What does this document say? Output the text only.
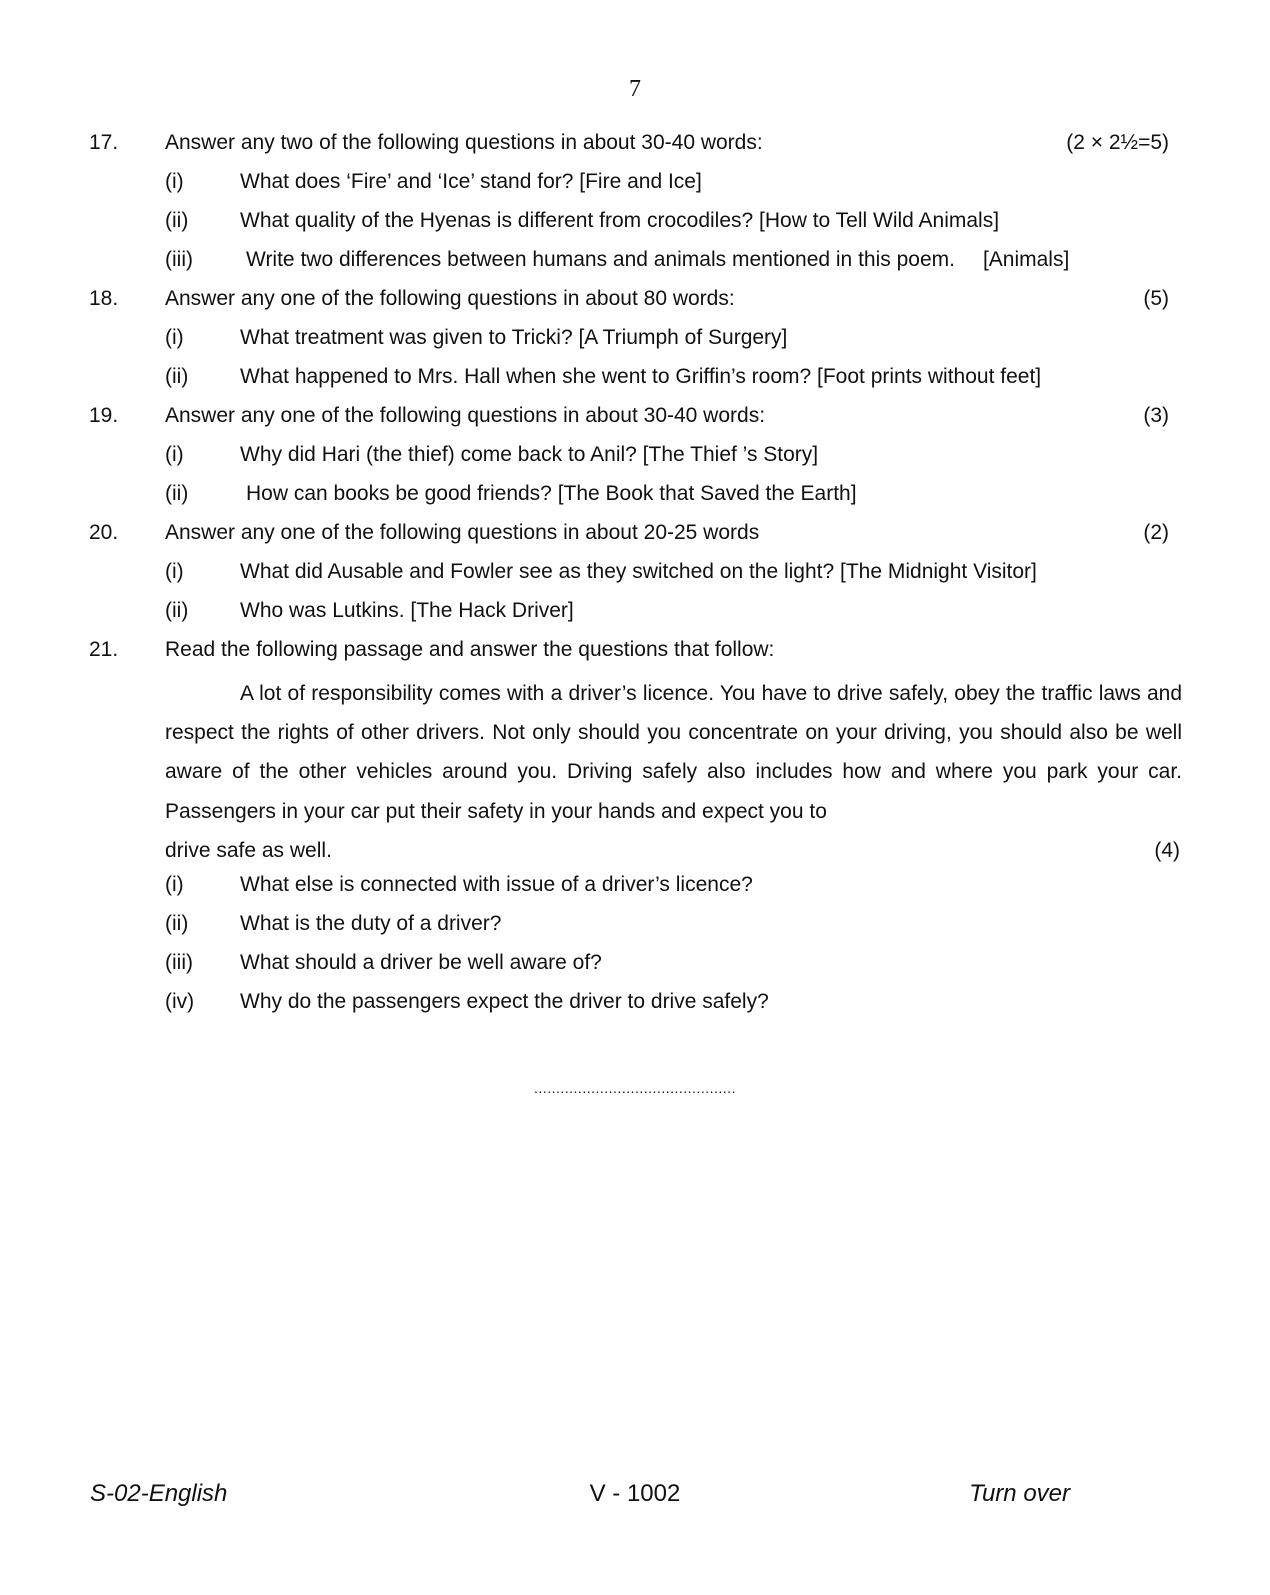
7
17. Answer any two of the following questions in about 30-40 words:	(2 × 2½=5)
(i)	What does ‘Fire’ and ‘Ice’ stand for? [Fire and Ice]
(ii) What quality of the Hyenas is different from crocodiles? [How to Tell Wild Animals]
(iii)	Write two differences between humans and animals mentioned in this poem. [Animals]
18. Answer any one of the following questions in about 80 words:	(5)
(i)	What treatment was given to Tricki? [A Triumph of Surgery]
(ii) What happened to Mrs. Hall when she went to Griffin’s room? [Foot prints without feet]
19. Answer any one of the following questions in about 30-40 words:	(3)
(i)	Why did Hari (the thief) come back to Anil? [The Thief ’s Story]
(ii)	How can books be good friends? [The Book that Saved the Earth]
20. Answer any one of the following questions in about 20-25 words	(2)
(i)	What did Ausable and Fowler see as they switched on the light? [The Midnight Visitor]
(ii) Who was Lutkins. [The Hack Driver]
21. Read the following passage and answer the questions that follow:

A lot of responsibility comes with a driver’s licence. You have to drive safely, obey the traffic laws and respect the rights of other drivers. Not only should you concentrate on your driving, you should also be well aware of the other vehicles around you. Driving safely also includes how and where you park your car. Passengers in your car put their safety in your hands and expect you to

drive safe as well.	(4)
(i)	What else is connected with issue of a driver’s licence?
(ii) What is the duty of a driver?
(iii) What should a driver be well aware of?
(iv) Why do the passengers expect the driver to drive safely?
..............................................
S-02-English	V - 1002	Turn over
